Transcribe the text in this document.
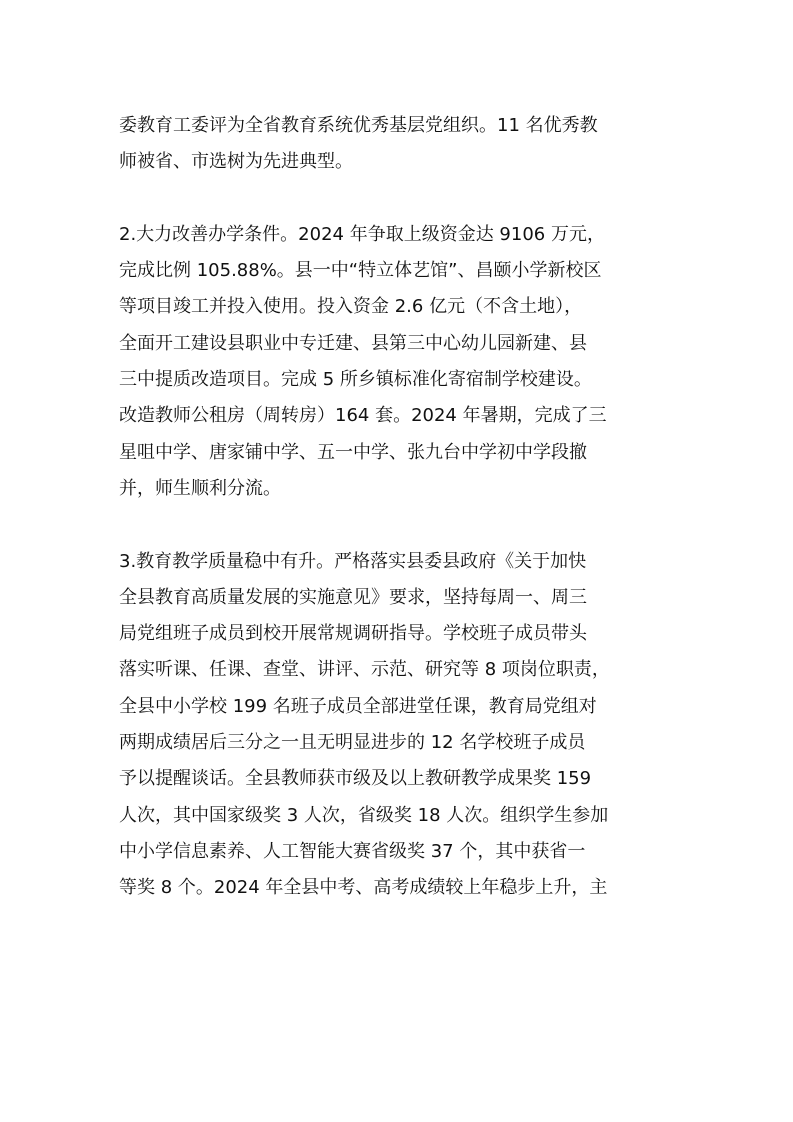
委教育工委评为全省教育系统优秀基层党组织。11 名优秀教
师被省、市选树为先进典型。
2.大力改善办学条件。2024 年争取上级资金达 9106 万元，
完成比例 105.88%。县一中“特立体艺馆”、昌颐小学新校区
等项目竣工并投入使用。投入资金 2.6 亿元（不含土地），
全面开工建设县职业中专迁建、县第三中心幼儿园新建、县
三中提质改造项目。完成 5 所乡镇标准化寄宿制学校建设。
改造教师公租房（周转房）164 套。2024 年暑期，完成了三
星咀中学、唐家铺中学、五一中学、张九台中学初中学段撤
并，师生顺利分流。
3.教育教学质量稳中有升。严格落实县委县政府《关于加快
全县教育高质量发展的实施意见》要求，坚持每周一、周三
局党组班子成员到校开展常规调研指导。学校班子成员带头
落实听课、任课、查堂、讲评、示范、研究等 8 项岗位职责，
全县中小学校 199 名班子成员全部进堂任课，教育局党组对
两期成绩居后三分之一且无明显进步的 12 名学校班子成员
予以提醒谈话。全县教师获市级及以上教研教学成果奖 159
人次，其中国家级奖 3 人次，省级奖 18 人次。组织学生参加
中小学信息素养、人工智能大赛省级奖 37 个，其中获省一
等奖 8 个。2024 年全县中考、高考成绩较上年稳步上升，主
